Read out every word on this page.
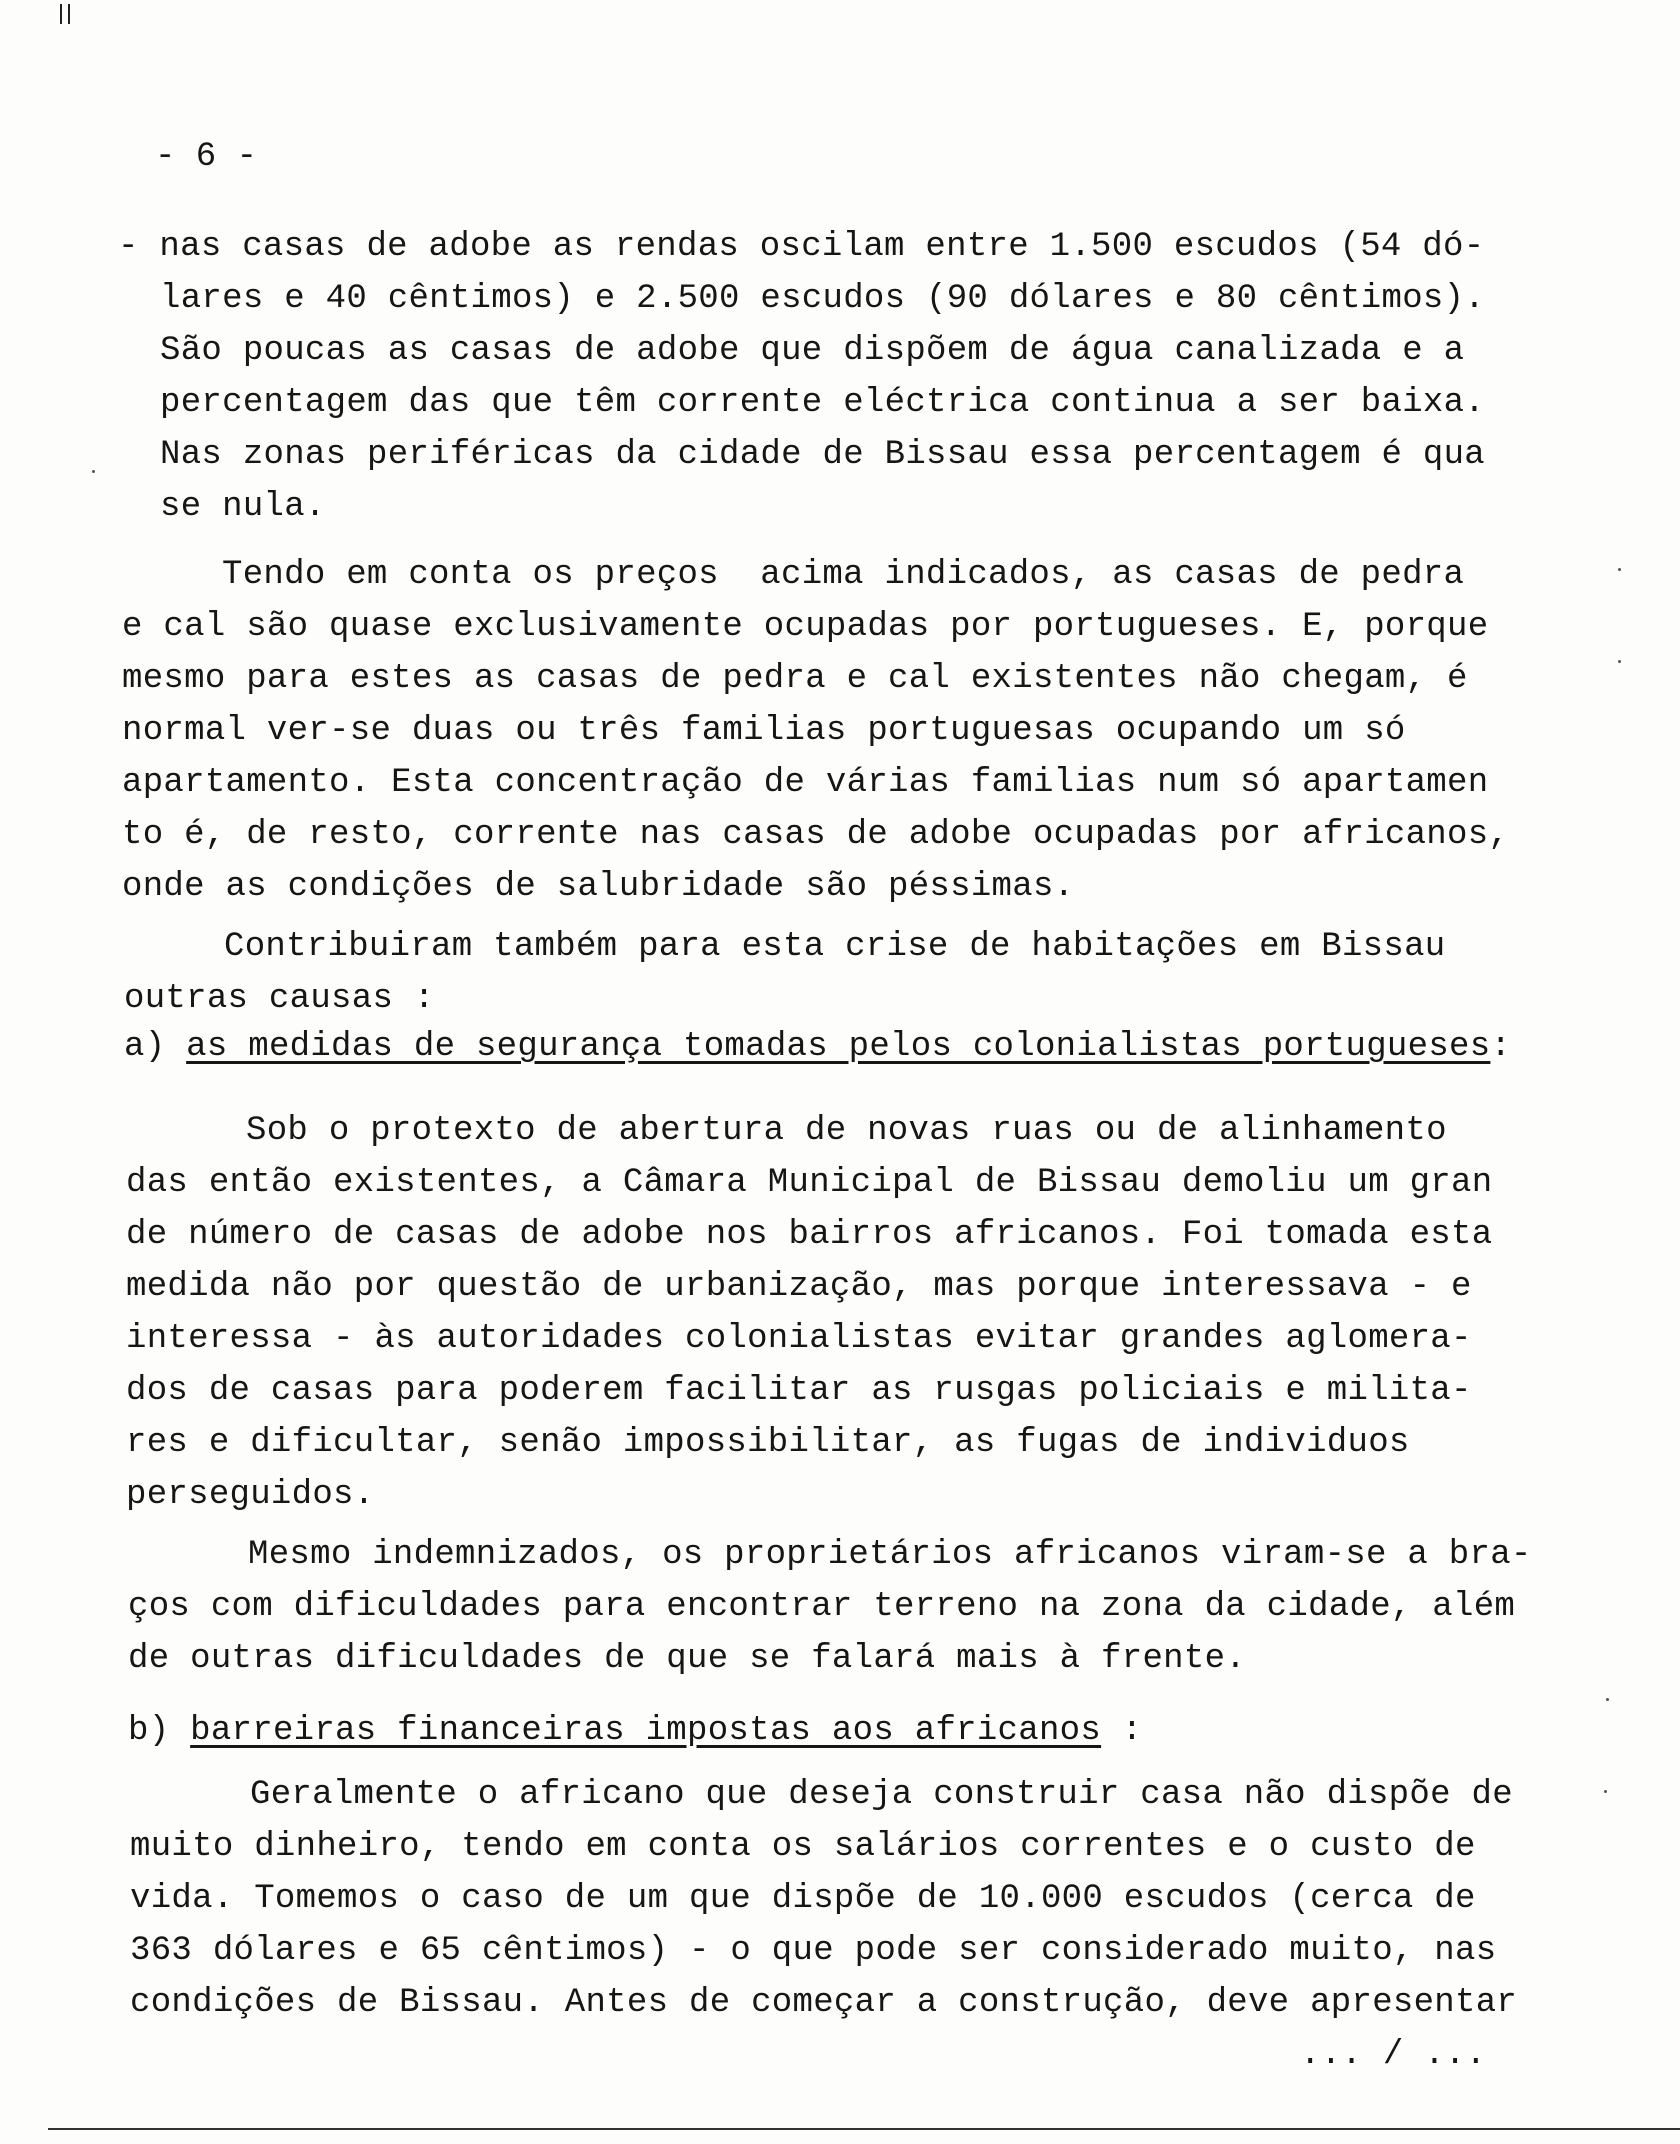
- 6 -
- nas casas de adobe as rendas oscilam entre 1.500 escudos (54 dó-
lares e 40 cêntimos) e 2.500 escudos (90 dólares e 80 cêntimos).
São poucas as casas de adobe que dispõem de água canalizada e a
percentagem das que têm corrente eléctrica continua a ser baixa.
Nas zonas periféricas da cidade de Bissau essa percentagem é qua
se nula.
Tendo em conta os preços  acima indicados, as casas de pedra
e cal são quase exclusivamente ocupadas por portugueses. E, porque
mesmo para estes as casas de pedra e cal existentes não chegam, é
normal ver-se duas ou três familias portuguesas ocupando um só
apartamento. Esta concentração de várias familias num só apartamen
to é, de resto, corrente nas casas de adobe ocupadas por africanos,
onde as condições de salubridade são péssimas.
Contribuiram também para esta crise de habitações em Bissau
outras causas :
a) as medidas de segurança tomadas pelos colonialistas portugueses:
Sob o protexto de abertura de novas ruas ou de alinhamento
das então existentes, a Câmara Municipal de Bissau demoliu um gran
de número de casas de adobe nos bairros africanos. Foi tomada esta
medida não por questão de urbanização, mas porque interessava - e
interessa - às autoridades colonialistas evitar grandes aglomera-
dos de casas para poderem facilitar as rusgas policiais e milita-
res e dificultar, senão impossibilitar, as fugas de individuos
perseguidos.
Mesmo indemnizados, os proprietários africanos viram-se a bra-
ços com dificuldades para encontrar terreno na zona da cidade, além
de outras dificuldades de que se falará mais à frente.
b) barreiras financeiras impostas aos africanos :
Geralmente o africano que deseja construir casa não dispõe de
muito dinheiro, tendo em conta os salários correntes e o custo de
vida. Tomemos o caso de um que dispõe de 10.000 escudos (cerca de
363 dólares e 65 cêntimos) - o que pode ser considerado muito, nas
condições de Bissau. Antes de começar a construção, deve apresentar
... / ...
